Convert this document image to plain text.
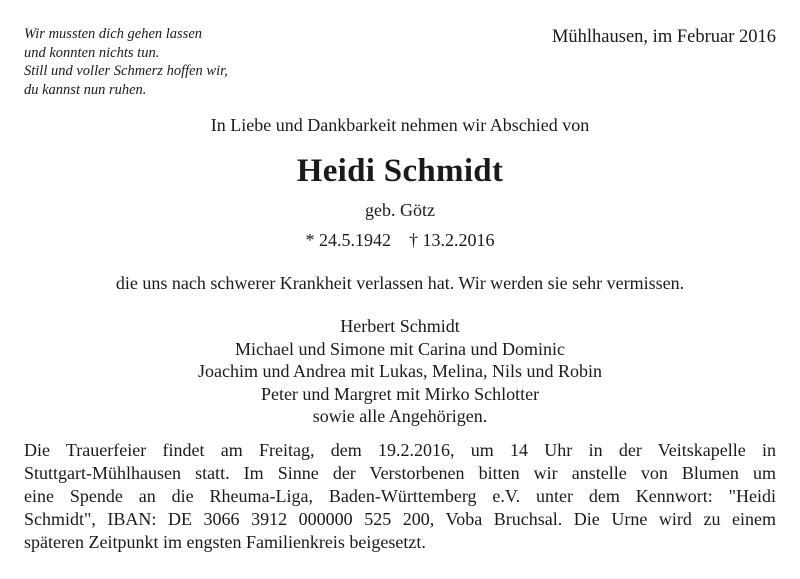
Wir mussten dich gehen lassen
und konnten nichts tun.
Still und voller Schmerz hoffen wir,
du kannst nun ruhen.
Mühlhausen, im Februar 2016
In Liebe und Dankbarkeit nehmen wir Abschied von
Heidi Schmidt
geb. Götz
* 24.5.1942 † 13.2.2016
die uns nach schwerer Krankheit verlassen hat. Wir werden sie sehr vermissen.
Herbert Schmidt
Michael und Simone mit Carina und Dominic
Joachim und Andrea mit Lukas, Melina, Nils und Robin
Peter und Margret mit Mirko Schlotter
sowie alle Angehörigen.
Die Trauerfeier findet am Freitag, dem 19.2.2016, um 14 Uhr in der Veitskapelle in
Stuttgart-Mühlhausen statt. Im Sinne der Verstorbenen bitten wir anstelle von Blumen um
eine Spende an die Rheuma-Liga, Baden-Württemberg e.V. unter dem Kennwort: "Heidi
Schmidt", IBAN: DE 3066 3912 000000 525 200, Voba Bruchsal. Die Urne wird zu einem
späteren Zeitpunkt im engsten Familienkreis beigesetzt.
